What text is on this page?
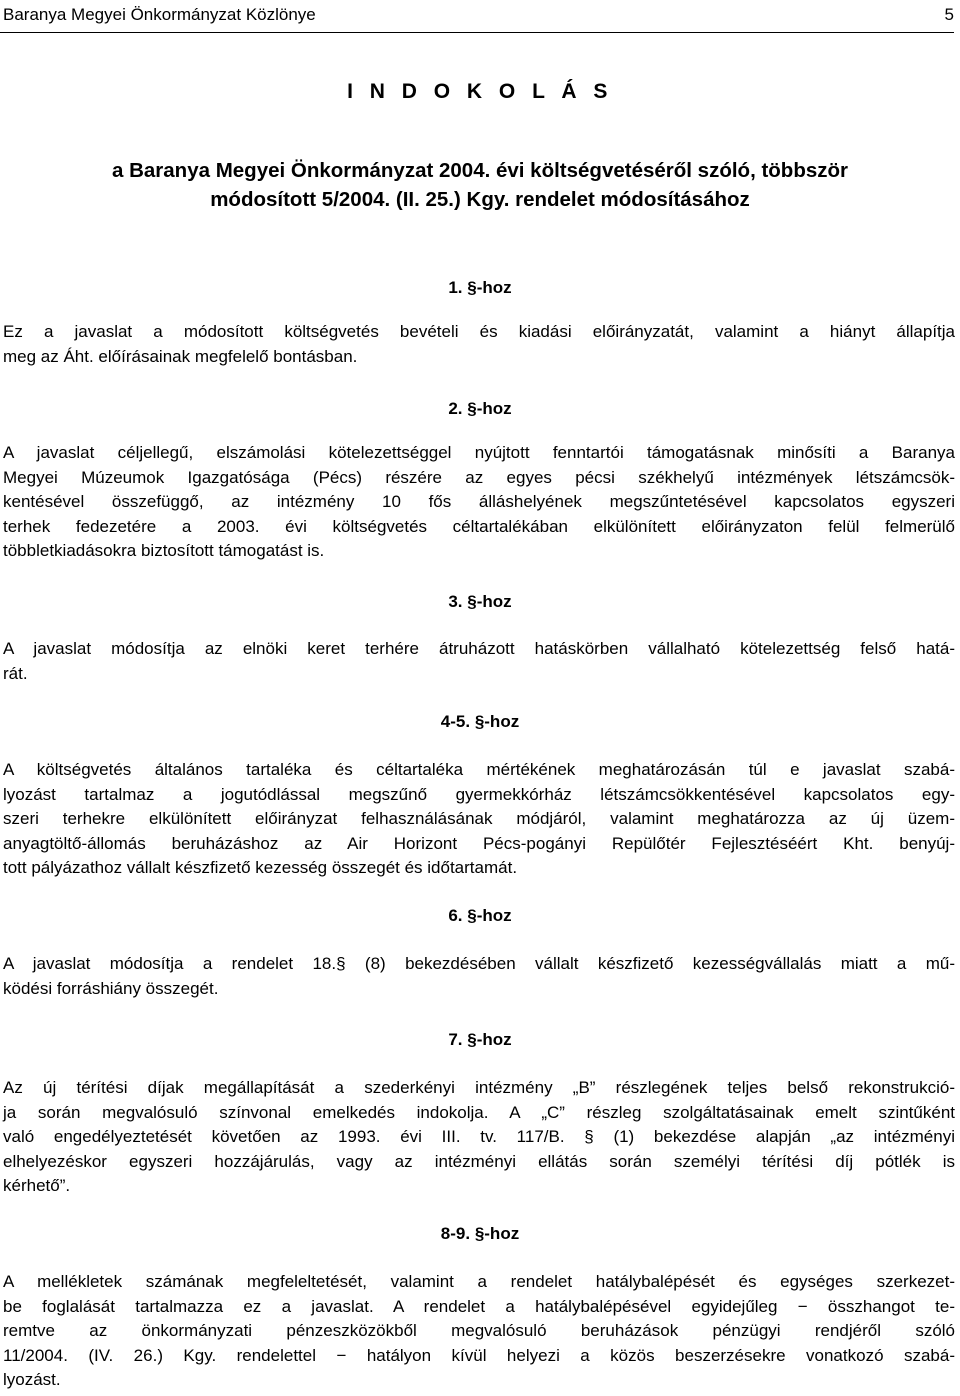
Baranya Megyei Önkormányzat Közlönye	5
I N D O K O L Á S
a Baranya Megyei Önkormányzat 2004. évi költségvetéséről szóló, többször
módosított 5/2004. (II. 25.) Kgy. rendelet módosításához
1. §-hoz
Ez a javaslat a módosított költségvetés bevételi és kiadási előirányzatát, valamint a hiányt állapítja
meg az Áht. előírásainak megfelelő bontásban.
2. §-hoz
A javaslat céljellegű, elszámolási kötelezettséggel nyújtott fenntartói támogatásnak minősíti a Baranya
Megyei Múzeumok Igazgatósága (Pécs) részére az egyes pécsi székhelyű intézmények létszámcsök-
kentésével összefüggő, az intézmény 10 fős álláshelyének megszűntetésével kapcsolatos egyszeri
terhek fedezetére a 2003. évi költségvetés céltartalékában elkülönített előirányzaton felül felmerülő
többletkiadásokra biztosított támogatást is.
3. §-hoz
A javaslat módosítja az elnöki keret terhére átruházott hatáskörben vállalható kötelezettség felső hatá-
rát.
4-5. §-hoz
A költségvetés általános tartaléka és céltartaléka mértékének meghatározásán túl e javaslat szabá-
lyozást tartalmaz a jogutódlással megszűnő gyermekkórház létszámcsökkentésével kapcsolatos egy-
szeri terhekre elkülönített előirányzat felhasználásának módjáról, valamint meghatározza az új üzem-
anyagtöltő-állomás beruházáshoz az Air Horizont Pécs-pogányi Repülőtér Fejlesztéséért Kht. benyúj-
tott pályázathoz vállalt készfizető kezesség összegét és időtartamát.
6. §-hoz
A javaslat módosítja a rendelet 18.§ (8) bekezdésében vállalt készfizető kezességvállalás miatt a mű-
ködési forráshiány összegét.
7. §-hoz
Az új térítési díjak megállapítását a szederkényi intézmény „B” részlegének teljes belső rekonstrukció-
ja során megvalósuló színvonal emelkedés indokolja. A „C” részleg szolgáltatásainak emelt szintűként
való engedélyeztetését követően az 1993. évi III. tv. 117/B. § (1) bekezdése alapján „az intézményi
elhelyezéskor egyszeri hozzájárulás, vagy az intézményi ellátás során személyi térítési díj pótlék is
kérhető”.
8-9. §-hoz
A mellékletek számának megfeleltetését, valamint a rendelet hatálybalépését és egységes szerkezet-
be foglalását tartalmazza ez a javaslat. A rendelet a hatálybalépésével egyidejűleg − összhangot te-
remtve az önkormányzati pénzeszközökből megvalósuló beruházások pénzügyi rendjéről szóló
11/2004. (IV. 26.) Kgy. rendelettel − hatályon kívül helyezi a közös beszerzésekre vonatkozó szabá-
lyozást.
